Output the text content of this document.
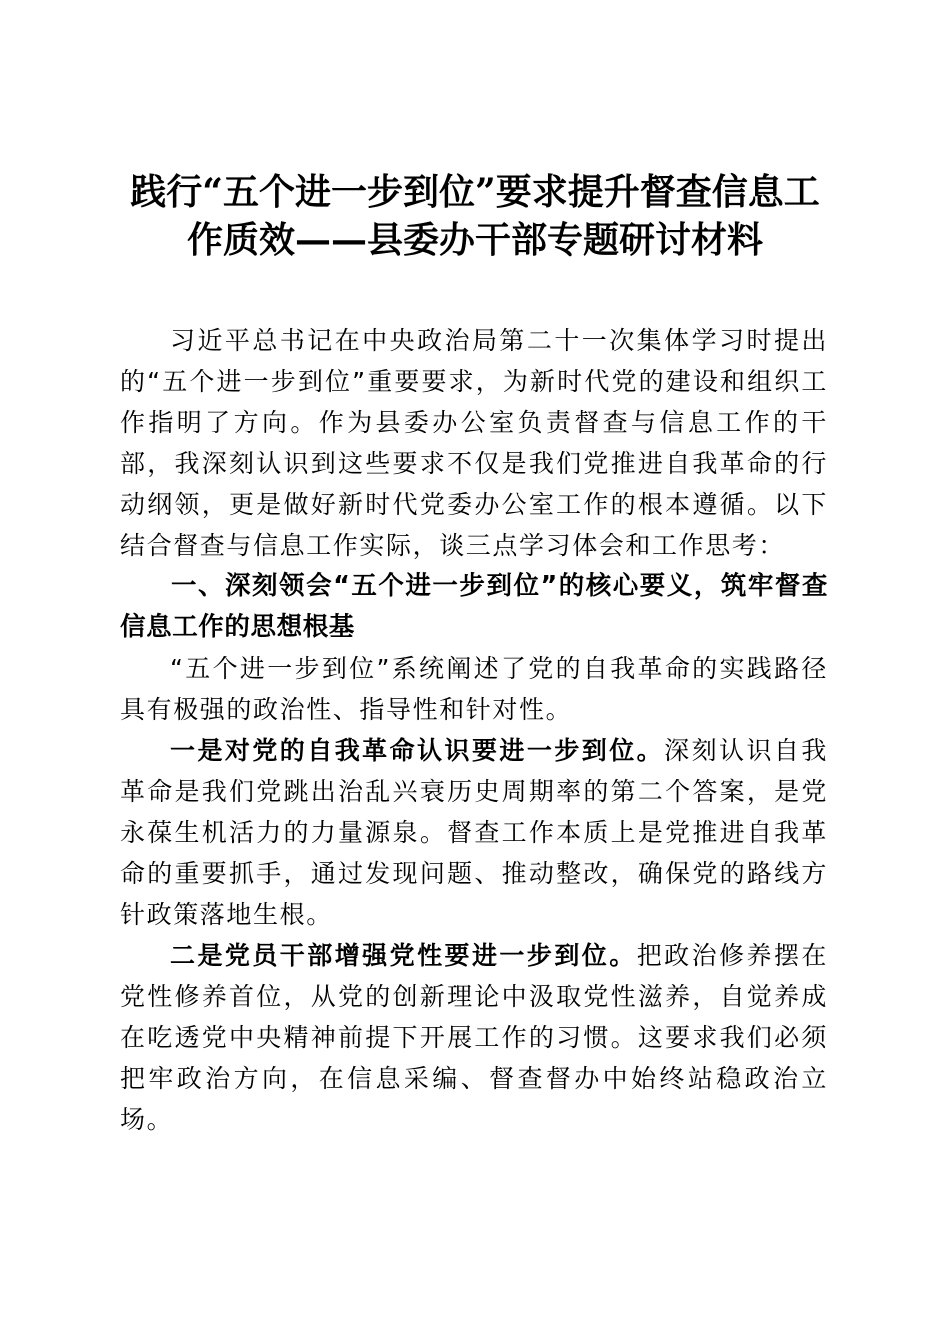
践行“五个进一步到位”要求提升督查信息工
作质效——县委办干部专题研讨材料

习近平总书记在中央政治局第二十一次集体学习时提出的“五个进一步到位”重要要求，为新时代党的建设和组织工作指明了方向。作为县委办公室负责督查与信息工作的干部，我深刻认识到这些要求不仅是我们党推进自我革命的行动纲领，更是做好新时代党委办公室工作的根本遵循。以下结合督查与信息工作实际，谈三点学习体会和工作思考：

一、深刻领会“五个进一步到位”的核心要义，筑牢督查信息工作的思想根基

“五个进一步到位”系统阐述了党的自我革命的实践路径具有极强的政治性、指导性和针对性。

一是对党的自我革命认识要进一步到位。深刻认识自我革命是我们党跳出治乱兴衰历史周期率的第二个答案，是党永葆生机活力的力量源泉。督查工作本质上是党推进自我革命的重要抓手，通过发现问题、推动整改，确保党的路线方针政策落地生根。

二是党员干部增强党性要进一步到位。把政治修养摆在党性修养首位，从党的创新理论中汲取党性滋养，自觉养成在吃透党中央精神前提下开展工作的习惯。这要求我们必须把牢政治方向，在信息采编、督查督办中始终站稳政治立场。
